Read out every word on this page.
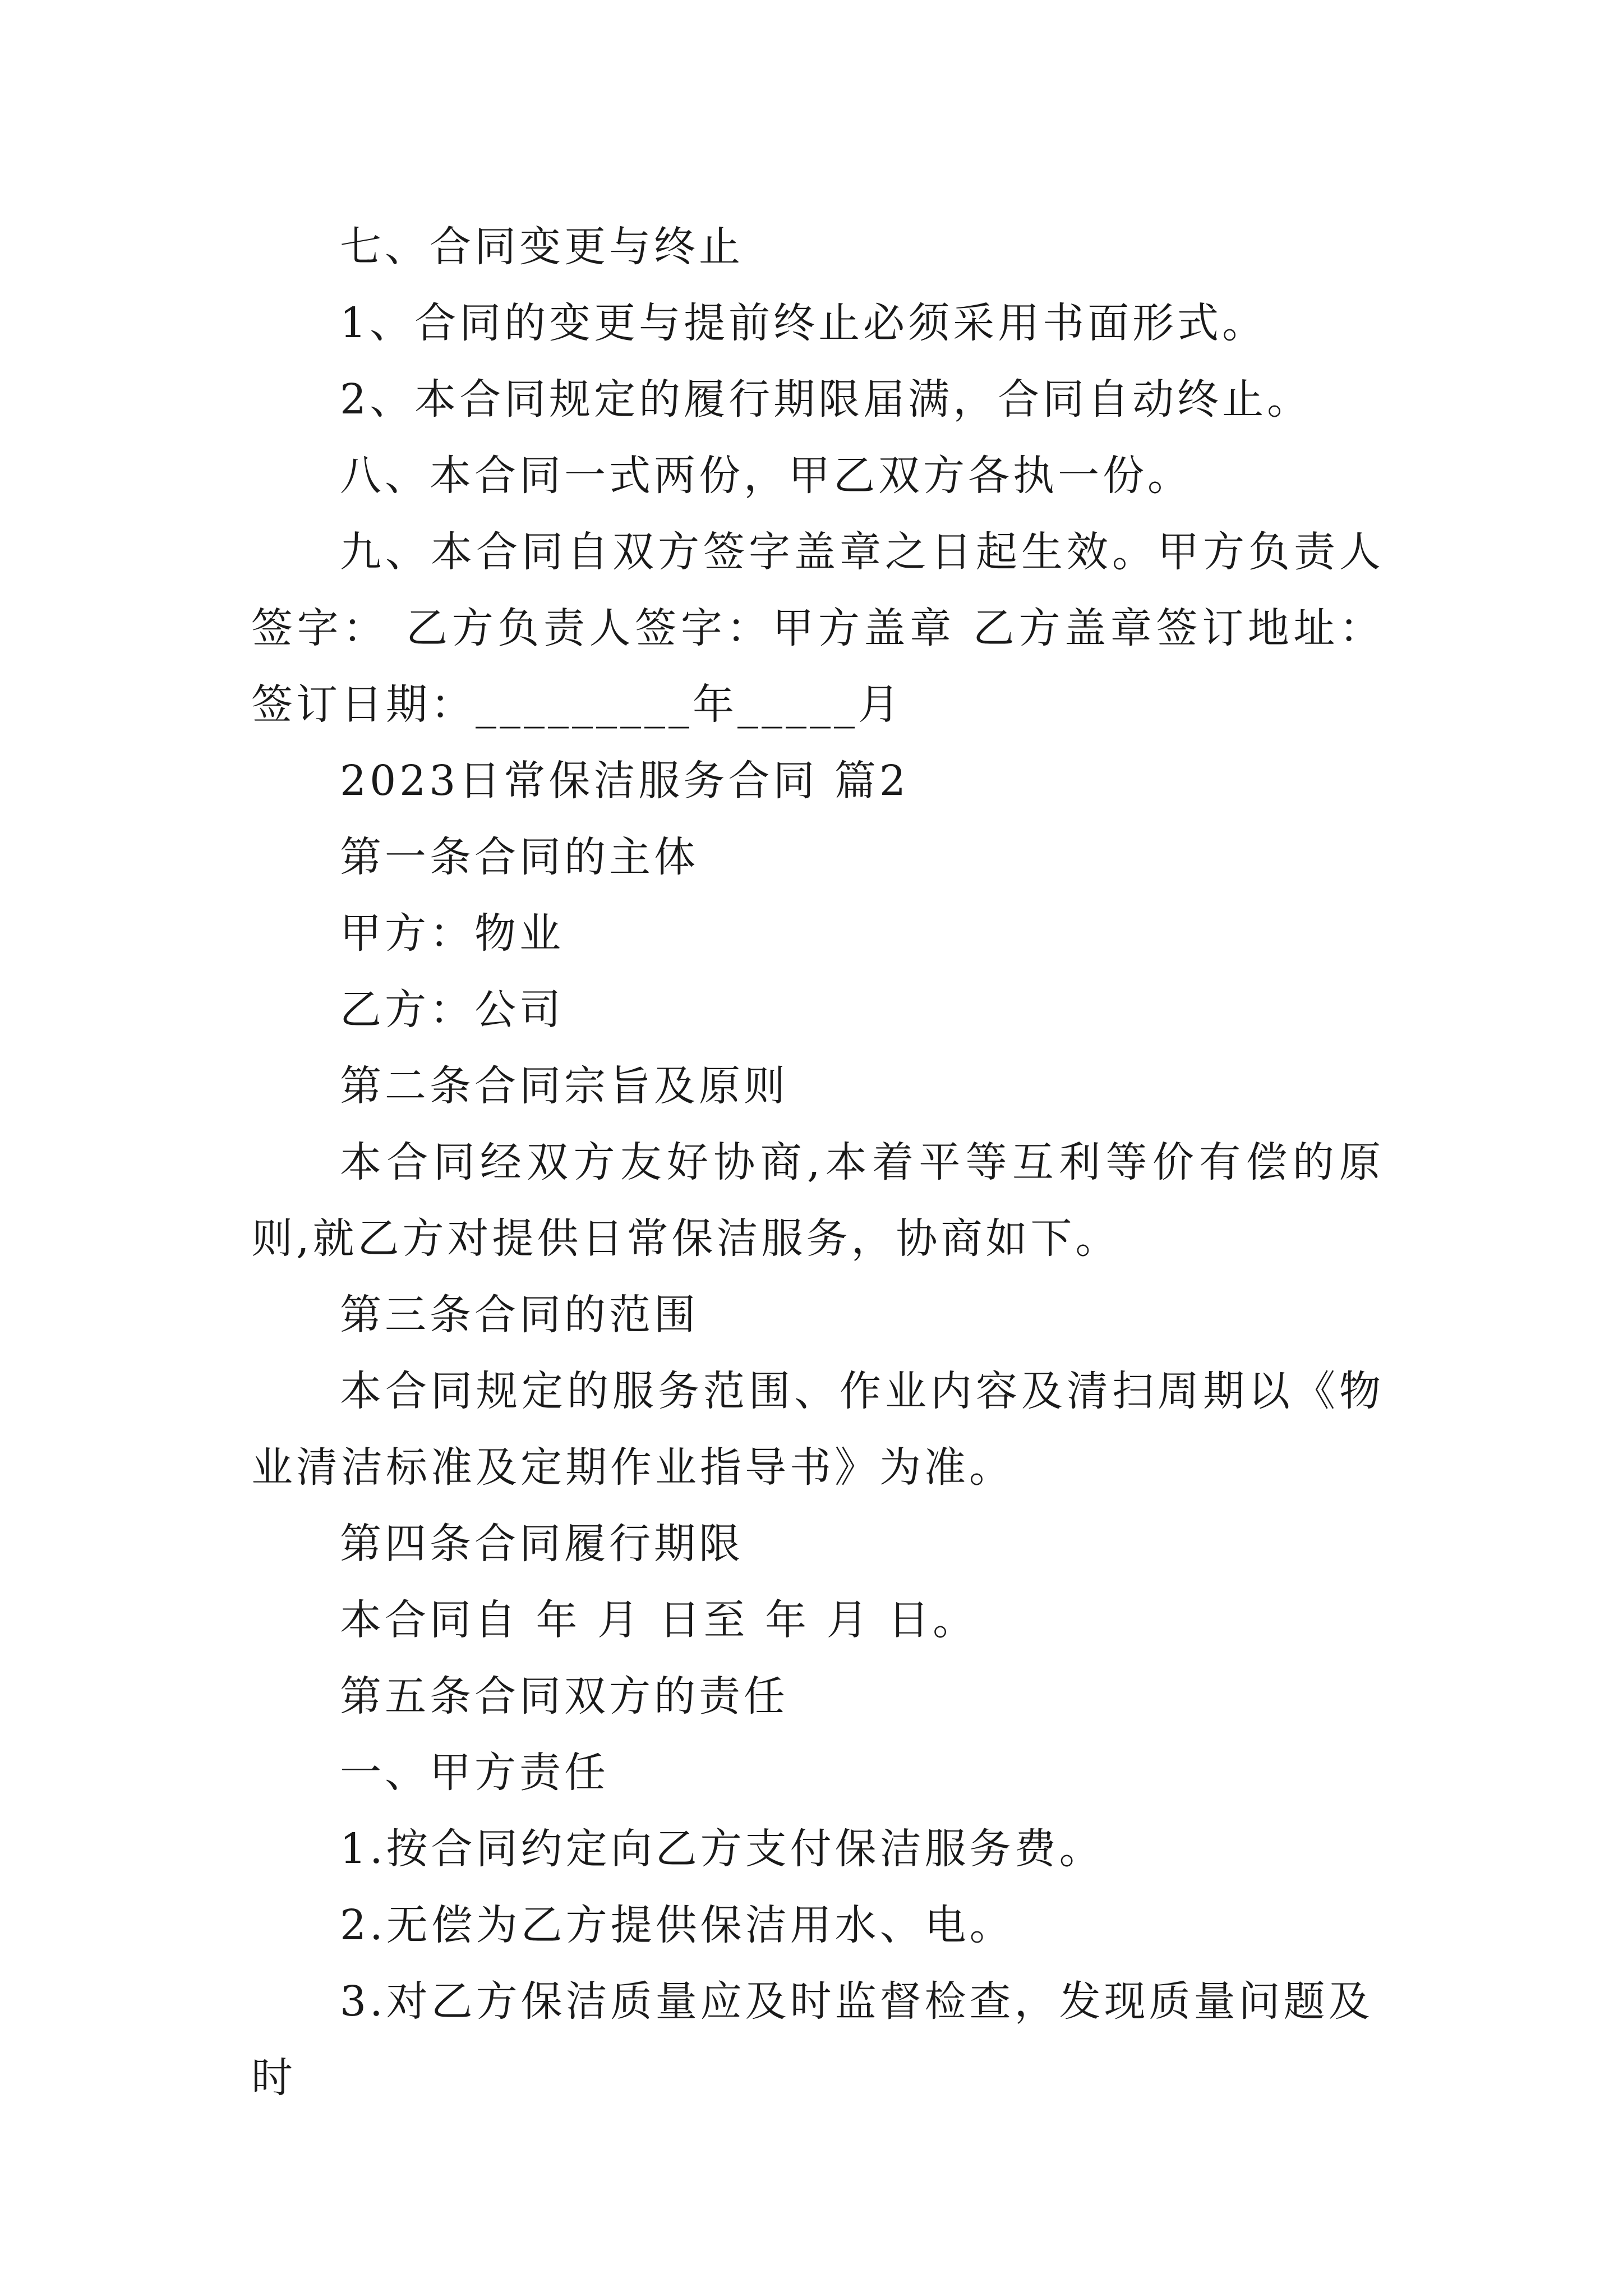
七、合同变更与终止

1、合同的变更与提前终止必须采用书面形式。

2、本合同规定的履行期限届满，合同自动终止。

八、本合同一式两份，甲乙双方各执一份。

九、本合同自双方签字盖章之日起生效。甲方负责人签字： 乙方负责人签字：甲方盖章 乙方盖章签订地址：签订日期：_________年_____月

2023日常保洁服务合同 篇2

第一条合同的主体

甲方：物业

乙方：公司

第二条合同宗旨及原则

本合同经双方友好协商,本着平等互利等价有偿的原则,就乙方对提供日常保洁服务，协商如下。

第三条合同的范围

本合同规定的服务范围、作业内容及清扫周期以《物业清洁标准及定期作业指导书》为准。

第四条合同履行期限

本合同自 年 月 日至 年 月 日。

第五条合同双方的责任

一、甲方责任

1.按合同约定向乙方支付保洁服务费。

2.无偿为乙方提供保洁用水、电。

3.对乙方保洁质量应及时监督检查，发现质量问题及时
